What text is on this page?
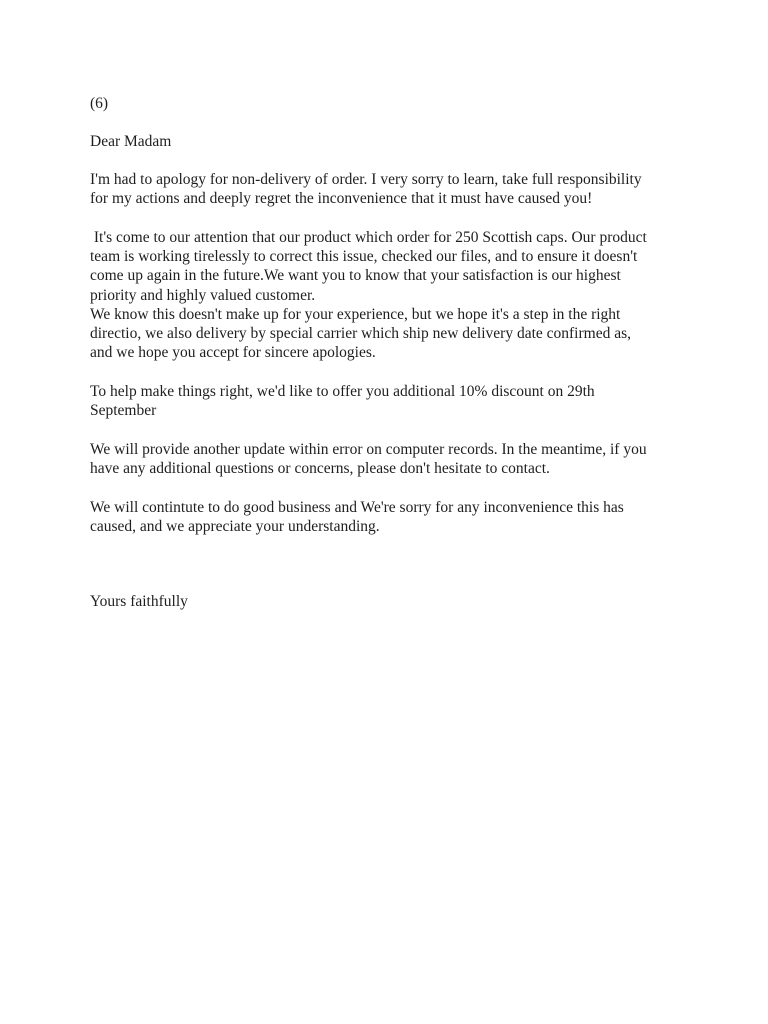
(6)
Dear Madam
I'm had to apology for non-delivery of order. I very sorry to learn, take full responsibility
for my actions and deeply regret the inconvenience that it must have caused you!
It's come to our attention that our product which order for 250 Scottish caps. Our product
team is working tirelessly to correct this issue, checked our files, and to ensure it doesn't
come up again in the future.We want you to know that your satisfaction is our highest
priority and highly valued customer.
We know this doesn't make up for your experience, but we hope it's a step in the right
directio, we also delivery by special carrier which ship new delivery date confirmed as,
and we hope you accept for sincere apologies.
To help make things right, we'd like to offer you additional 10% discount on 29th
September
We will provide another update within error on computer records. In the meantime, if you
have any additional questions or concerns, please don't hesitate to contact.
We will contintute to do good business and We're sorry for any inconvenience this has
caused, and we appreciate your understanding.
Yours faithfully
